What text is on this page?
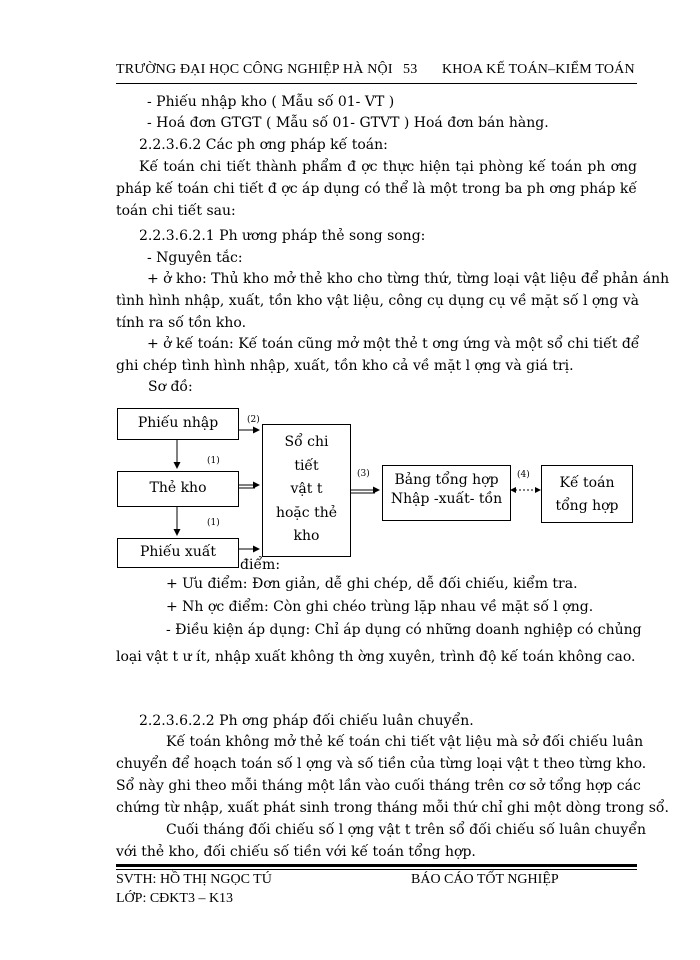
TRƯỜNG ĐẠI HỌC CÔNG NGHIỆP HÀ NỘI 53 KHOA KẾ TOÁN–KIỂM TOÁN
- Phiếu nhập kho ( Mẫu số 01- VT )
- Hoá đơn GTGT ( Mẫu số 01- GTVT ) Hoá đơn bán hàng.
2.2.3.6.2 Các ph ơng pháp kế toán:
Kế toán chi tiết thành phẩm đ ợc thực hiện tại phòng kế toán ph ơng
pháp kế toán chi tiết đ ợc áp dụng có thể là một trong ba ph ơng pháp kế
toán chi tiết sau:
2.2.3.6.2.1 Ph ương pháp thẻ song song:
- Nguyên tắc:
+ ở kho: Thủ kho mở thẻ kho cho từng thứ, từng loại vật liệu để phản ánh
tình hình nhập, xuất, tồn kho vật liệu, công cụ dụng cụ về mặt số l ợng và
tính ra số tồn kho.
+ ở kế toán: Kế toán cũng mở một thẻ t ơng ứng và một sổ chi tiết để
ghi chép tình hình nhập, xuất, tồn kho cả về mặt l ợng và giá trị.
Sơ đồ:
Phiếu nhập
Thẻ kho
Phiếu xuất
Sổ chi
tiết
vật t
hoặc thẻ
kho
Bảng tổng hợp
Nhập -xuất- tồn
Kế toán
tổng hợp
(1)
(1)
(2)
(3)	(4)
điểm:
+ Ưu điểm: Đơn giản, dễ ghi chép, dễ đối chiếu, kiểm tra.
+ Nh ợc điểm: Còn ghi chéo trùng lặp nhau về mặt số l ợng.
- Điều kiện áp dụng: Chỉ áp dụng có những doanh nghiệp có chủng
loại vật t ư ít, nhập xuất không th ờng xuyên, trình độ kế toán không cao.
2.2.3.6.2.2 Ph ơng pháp đối chiếu luân chuyển.
Kế toán không mở thẻ kế toán chi tiết vật liệu mà sở đối chiếu luân
chuyển để hoạch toán số l ợng và số tiền của từng loại vật t theo từng kho.
Sổ này ghi theo mỗi tháng một lần vào cuối tháng trên cơ sở tổng hợp các
chứng từ nhập, xuất phát sinh trong tháng mỗi thứ chỉ ghi một dòng trong sổ.
Cuối tháng đối chiếu số l ợng vật t trên sổ đối chiếu số luân chuyển
với thẻ kho, đối chiếu số tiền với kế toán tổng hợp.
SVTH: HỒ THỊ NGỌC TÚ	BÁO CÁO TỐT NGHIỆP
LỚP: CĐKT3 – K13
